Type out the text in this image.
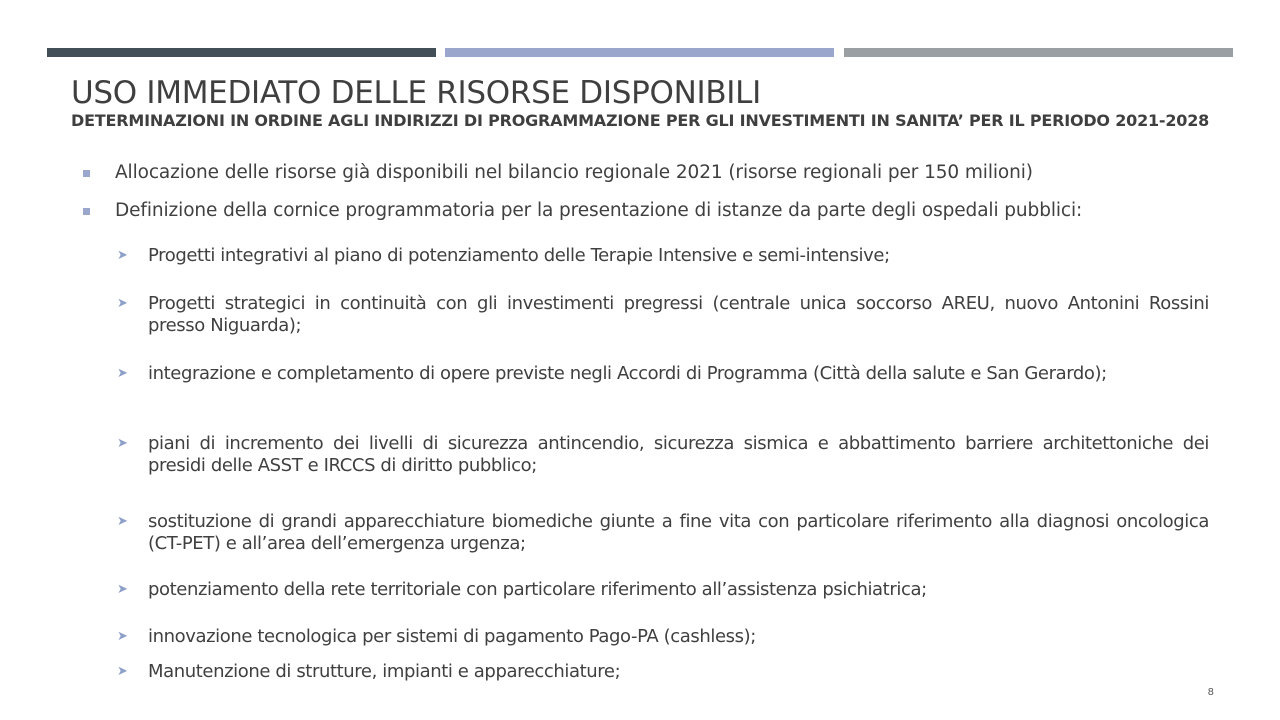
USO IMMEDIATO DELLE RISORSE DISPONIBILI
DETERMINAZIONI IN ORDINE AGLI INDIRIZZI DI PROGRAMMAZIONE PER GLI INVESTIMENTI IN SANITA’ PER IL PERIODO 2021-2028
Allocazione delle risorse già disponibili nel bilancio regionale 2021 (risorse regionali per 150 milioni)
Definizione della cornice programmatoria per la presentazione di istanze da parte degli ospedali pubblici:
➤ Progetti integrativi al piano di potenziamento delle Terapie Intensive e semi-intensive;
➤ Progetti strategici in continuità con gli investimenti pregressi (centrale unica soccorso AREU, nuovo Antonini Rossini presso Niguarda);
➤ integrazione e completamento di opere previste negli Accordi di Programma (Città della salute e San Gerardo);
➤ piani di incremento dei livelli di sicurezza antincendio, sicurezza sismica e abbattimento barriere architettoniche dei presidi delle ASST e IRCCS di diritto pubblico;
➤ sostituzione di grandi apparecchiature biomediche giunte a fine vita con particolare riferimento alla diagnosi oncologica (CT-PET) e all’area dell’emergenza urgenza;
➤ potenziamento della rete territoriale con particolare riferimento all’assistenza psichiatrica;
➤ innovazione tecnologica per sistemi di pagamento Pago-PA (cashless);
➤ Manutenzione di strutture, impianti e apparecchiature;
8
